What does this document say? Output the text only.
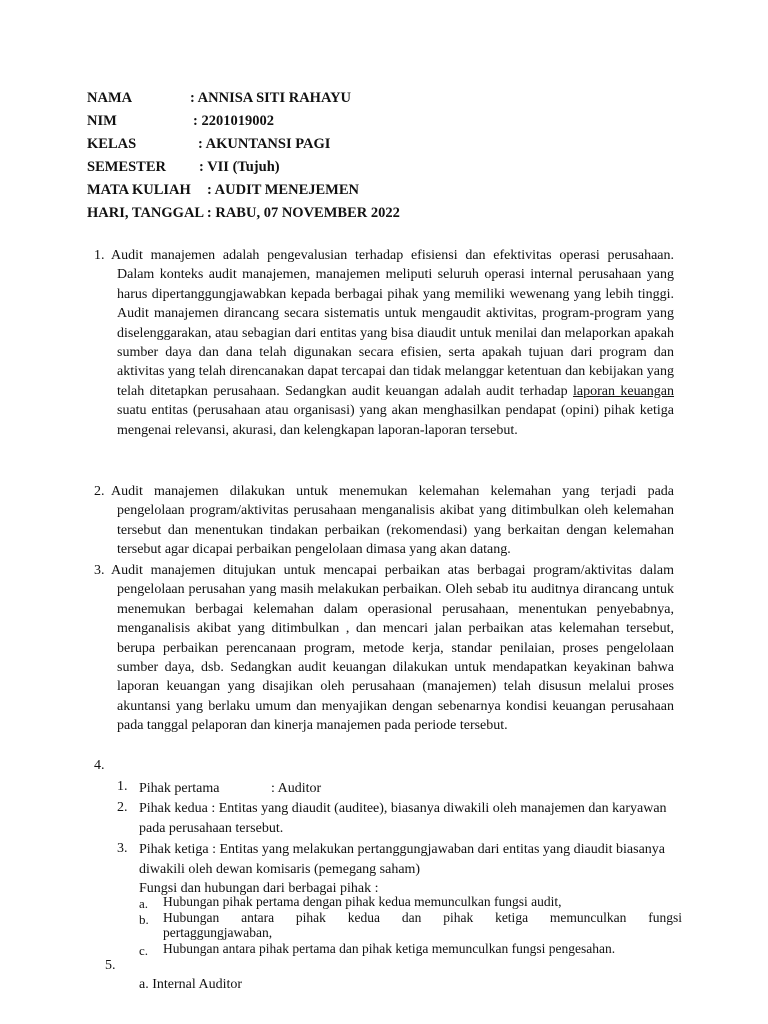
NAMA	: ANNISA SITI RAHAYU
NIM	: 2201019002
KELAS	: AKUNTANSI PAGI
SEMESTER : VII (Tujuh)
MATA KULIAH : AUDIT MENEJEMEN
HARI, TANGGAL : RABU, 07 NOVEMBER 2022
1. Audit manajemen adalah pengevalusian terhadap efisiensi dan efektivitas operasi perusahaan. Dalam konteks audit manajemen, manajemen meliputi seluruh operasi internal perusahaan yang harus dipertanggungjawabkan kepada berbagai pihak yang memiliki wewenang yang lebih tinggi. Audit manajemen dirancang secara sistematis untuk mengaudit aktivitas, program-program yang diselenggarakan, atau sebagian dari entitas yang bisa diaudit untuk menilai dan melaporkan apakah sumber daya dan dana telah digunakan secara efisien, serta apakah tujuan dari program dan aktivitas yang telah direncanakan dapat tercapai dan tidak melanggar ketentuan dan kebijakan yang telah ditetapkan perusahaan. Sedangkan audit keuangan adalah audit terhadap laporan keuangan suatu entitas (perusahaan atau organisasi) yang akan menghasilkan pendapat (opini) pihak ketiga mengenai relevansi, akurasi, dan kelengkapan laporan-laporan tersebut.
2. Audit manajemen dilakukan untuk menemukan kelemahan kelemahan yang terjadi pada pengelolaan program/aktivitas perusahaan menganalisis akibat yang ditimbulkan oleh kelemahan tersebut dan menentukan tindakan perbaikan (rekomendasi) yang berkaitan dengan kelemahan tersebut agar dicapai perbaikan pengelolaan dimasa yang akan datang.
3. Audit manajemen ditujukan untuk mencapai perbaikan atas berbagai program/aktivitas dalam pengelolaan perusahan yang masih melakukan perbaikan. Oleh sebab itu auditnya dirancang untuk menemukan berbagai kelemahan dalam operasional perusahaan, menentukan penyebabnya, menganalisis akibat yang ditimbulkan , dan mencari jalan perbaikan atas kelemahan tersebut, berupa perbaikan perencanaan program, metode kerja, standar penilaian, proses pengelolaan sumber daya, dsb. Sedangkan audit keuangan dilakukan untuk mendapatkan keyakinan bahwa laporan keuangan yang disajikan oleh perusahaan (manajemen) telah disusun melalui proses akuntansi yang berlaku umum dan menyajikan dengan sebenarnya kondisi keuangan perusahaan pada tanggal pelaporan dan kinerja manajemen pada periode tersebut.
4.
1. Pihak pertama	: Auditor
2. Pihak kedua : Entitas yang diaudit (auditee), biasanya diwakili oleh manajemen dan karyawan pada perusahaan tersebut.
3. Pihak ketiga : Entitas yang melakukan pertanggungjawaban dari entitas yang diaudit biasanya diwakili oleh dewan komisaris (pemegang saham)
Fungsi dan hubungan dari berbagai pihak :
a. Hubungan pihak pertama dengan pihak kedua memunculkan fungsi audit,
b. Hubungan antara pihak kedua dan pihak ketiga memunculkan fungsi
pertaggungjawaban,
c. Hubungan antara pihak pertama dan pihak ketiga memunculkan fungsi pengesahan.
5.
a. Internal Auditor
